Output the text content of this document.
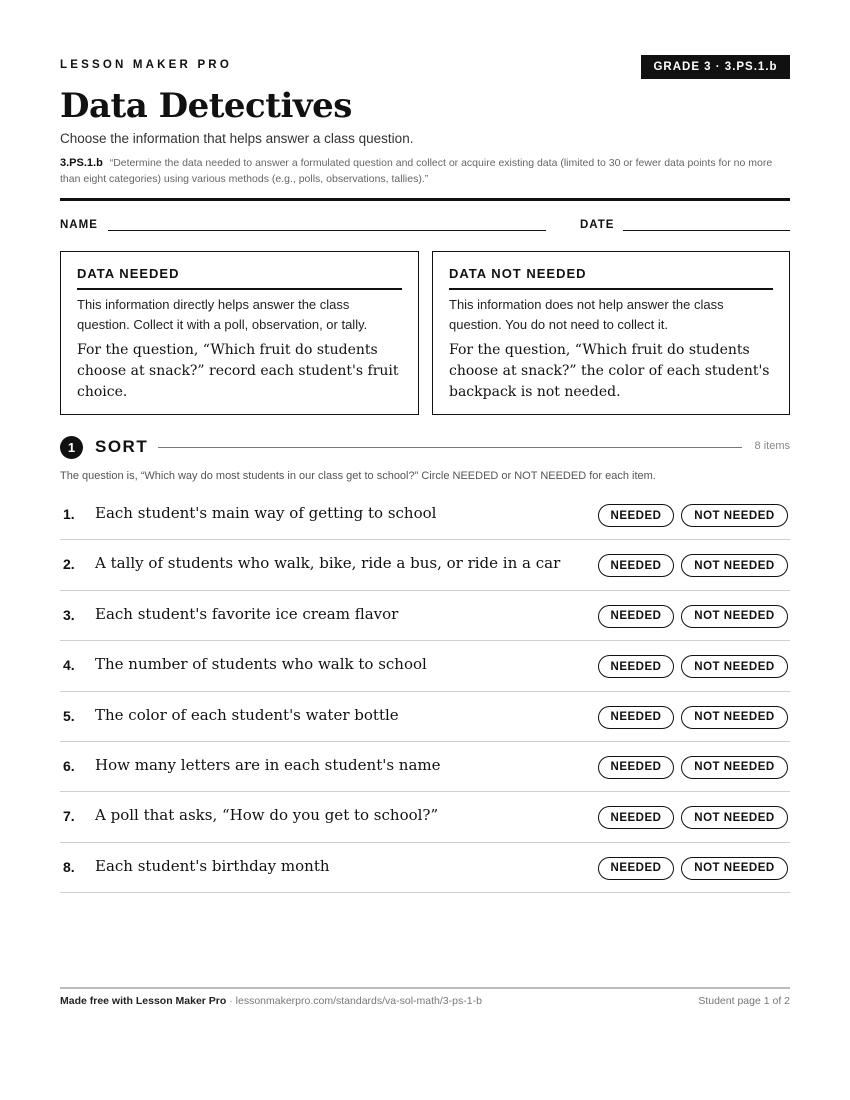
LESSON MAKER PRO	GRADE 3 · 3.PS.1.b
Data Detectives
Choose the information that helps answer a class question.
3.PS.1.b “Determine the data needed to answer a formulated question and collect or acquire existing data (limited to 30 or fewer data points for no more than eight categories) using various methods (e.g., polls, observations, tallies).”
NAME	DATE
DATA NEEDED
This information directly helps answer the class question. Collect it with a poll, observation, or tally.
For the question, “Which fruit do students choose at snack?” record each student's fruit choice.
DATA NOT NEEDED
This information does not help answer the class question. You do not need to collect it.
For the question, “Which fruit do students choose at snack?” the color of each student's backpack is not needed.
1	SORT	8 items
The question is, “Which way do most students in our class get to school?” Circle NEEDED or NOT NEEDED for each item.
1. Each student's main way of getting to school	NEEDED	NOT NEEDED
2. A tally of students who walk, bike, ride a bus, or ride in a car	NEEDED	NOT NEEDED
3. Each student's favorite ice cream flavor	NEEDED	NOT NEEDED
4. The number of students who walk to school	NEEDED	NOT NEEDED
5. The color of each student's water bottle	NEEDED	NOT NEEDED
6. How many letters are in each student's name	NEEDED	NOT NEEDED
7. A poll that asks, “How do you get to school?”	NEEDED	NOT NEEDED
8. Each student's birthday month	NEEDED	NOT NEEDED
Made free with Lesson Maker Pro · lessonmakerpro.com/standards/va-sol-math/3-ps-1-b	Student page 1 of 2
